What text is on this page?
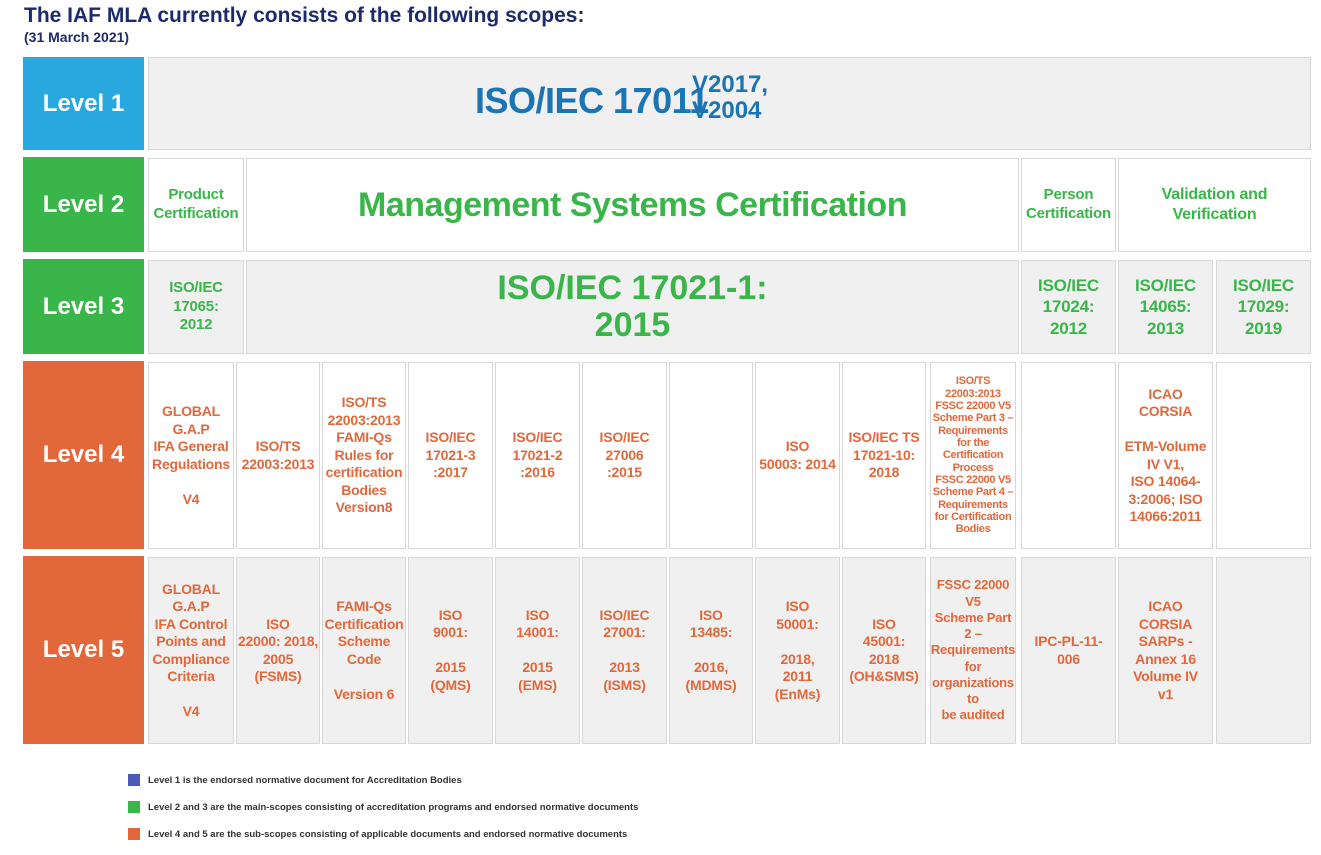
The IAF MLA currently consists of the following scopes:
(31 March 2021)
Level 1
Level 2
Level 3
Level 4
Level 5
ISO/IEC 17011
V2017,
V2004
Product
Certification	Management Systems Certification	Person
Certification
Validation and Verification
ISO/IEC
17065:
2012
ISO/IEC 17021-1:
2015
ISO/IEC
17024:
2012
ISO/IEC
14065:
2013
ISO/IEC
17029:
2019
GLOBAL G.A.P
IFA General
Regulations

V4
ISO/TS
22003:2013
ISO/TS
22003:2013
FAMI-Qs
Rules for
certification
Bodies
Version8
ISO/IEC
17021-3
:2017
ISO/IEC
17021-2
:2016
ISO/IEC
27006
:2015
ISO
50003: 2014
ISO/IEC TS
17021-10:
2018
ISO/TS
22003:2013
FSSC 22000 V5
Scheme Part 3 –
Requirements
for the
Certification
Process
FSSC 22000 V5
Scheme Part 4 –
Requirements
for Certification
Bodies
ICAO
CORSIA

ETM-Volume
IV V1,
ISO 14064-
3:2006; ISO
14066:2011
GLOBAL
G.A.P
IFA Control
Points and
Compliance
Criteria

V4
ISO
22000: 2018,
2005
(FSMS)
FAMI-Qs
Certification
Scheme Code

Version 6
ISO
9001:

2015
(QMS)
ISO
14001:

2015
(EMS)
ISO/IEC
27001:

2013
(ISMS)
ISO
13485:

2016,
(MDMS)
ISO
50001:

2018,
2011
(EnMs)
ISO
45001:
2018
(OH&SMS)
FSSC 22000 V5
Scheme Part
2 –
Requirements
for
organizations
to
be audited
IPC-PL-11-
006
ICAO
CORSIA
SARPs -
Annex 16
Volume IV
v1
Level 1 is the endorsed normative document for Accreditation Bodies
Level 2 and 3 are the main-scopes consisting of accreditation programs and endorsed normative documents
Level 4 and 5 are the sub-scopes consisting of applicable documents and endorsed normative documents
